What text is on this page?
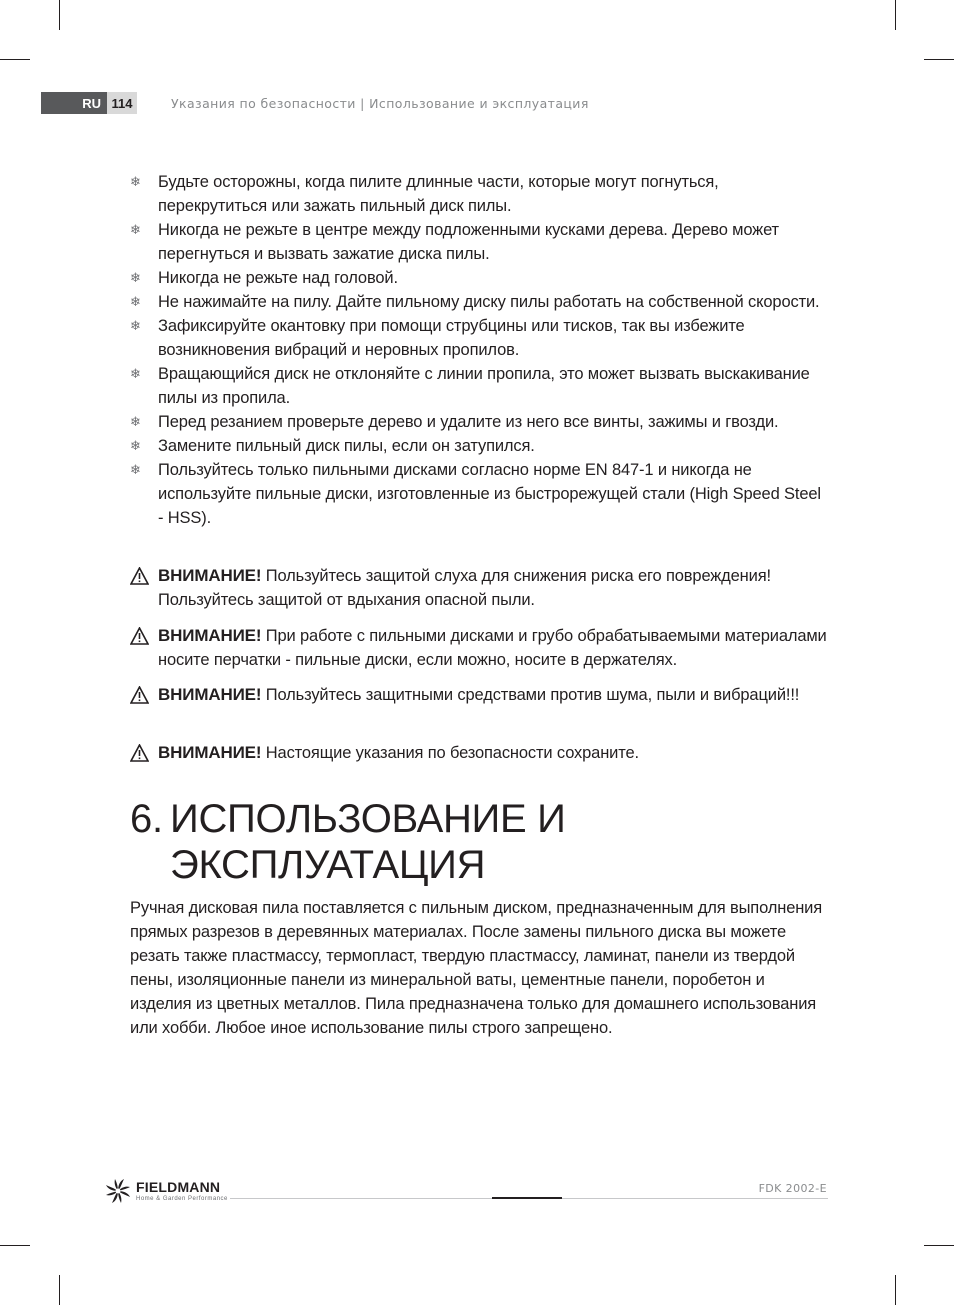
RU 114	Указания по безопасности | Использование и эксплуатация
❄ Будьте осторожны, когда пилите длинные части, которые могут погнуться, перекрутиться или зажать пильный диск пилы.
❄ Никогда не режьте в центре между подложенными кусками дерева. Дерево может перегнуться и вызвать зажатие диска пилы.
❄ Никогда не режьте над головой.
❄ Не нажимайте на пилу. Дайте пильному диску пилы работать на собственной скорости.
❄ Зафиксируйте окантовку при помощи струбцины или тисков, так вы избежите возникновения вибраций и неровных пропилов.
❄ Вращающийся диск не отклоняйте с линии пропила, это может вызвать выскакивание пилы из пропила.
❄ Перед резанием проверьте дерево и удалите из него все винты, зажимы и гвозди.
❄ Замените пильный диск пилы, если он затупился.
❄ Пользуйтесь только пильными дисками согласно норме EN 847-1 и никогда не используйте пильные диски, изготовленные из быстрорежущей стали (High Speed Steel - HSS).
ВНИМАНИЕ! Пользуйтесь защитой слуха для снижения риска его повреждения! Пользуйтесь защитой от вдыхания опасной пыли.
ВНИМАНИЕ! При работе с пильными дисками и грубо обрабатываемыми материалами носите перчатки - пильные диски, если можно, носите в держателях.
ВНИМАНИЕ! Пользуйтесь защитными средствами против шума, пыли и вибраций!!!
ВНИМАНИЕ! Настоящие указания по безопасности сохраните.
6. ИСПОЛЬЗОВАНИЕ И
ЭКСПЛУАТАЦИЯ

Ручная дисковая пила поставляется с пильным диском, предназначенным для выполнения прямых разрезов в деревянных материалах. После замены пильного диска вы можете резать также пластмассу, термопласт, твердую пластмассу, ламинат, панели из твердой пены, изоляционные панели из минеральной ваты, цементные панели, поробетон и изделия из цветных металлов. Пила предназначена только для домашнего использования или хобби. Любое иное использование пилы строго запрещено.

FIELDMANN
Home & Garden Performance
FDK 2002-E
